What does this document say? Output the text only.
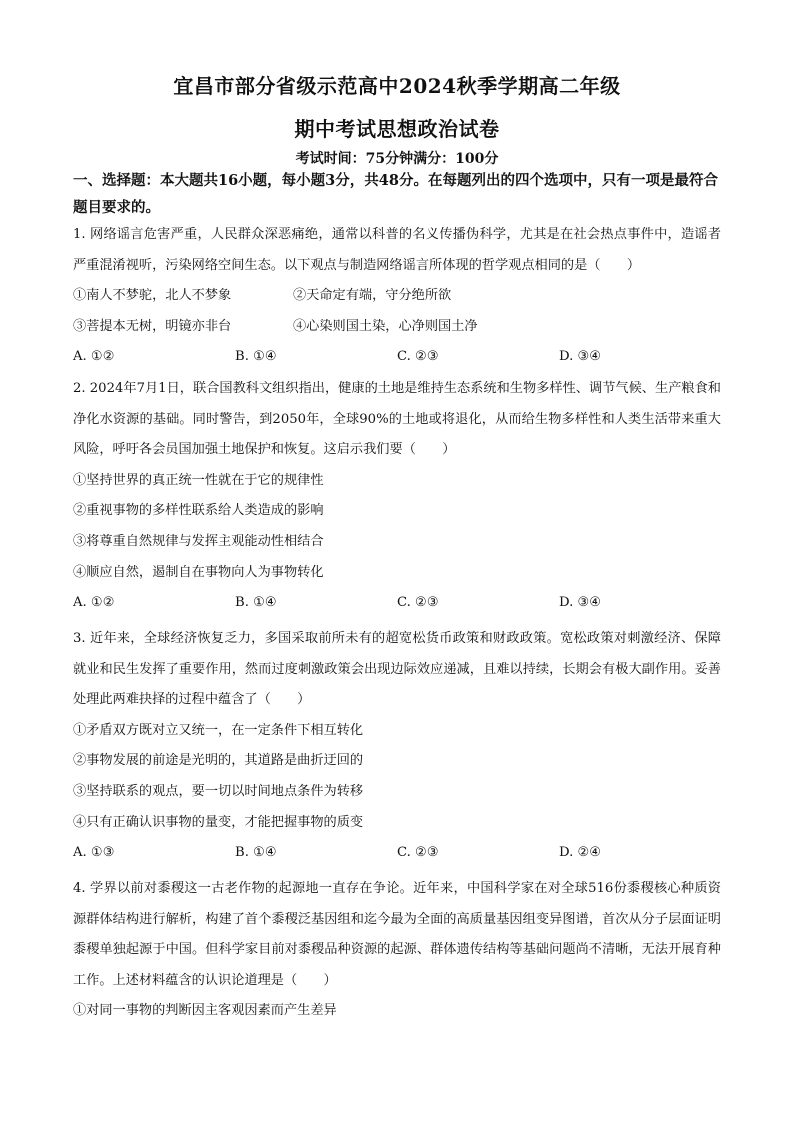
宜昌市部分省级示范高中2024秋季学期高二年级
期中考试思想政治试卷
考试时间：75分钟满分：100分
一、选择题：本大题共16小题，每小题3分，共48分。在每题列出的四个选项中，只有一项是最符合题目要求的。
1. 网络谣言危害严重，人民群众深恶痛绝，通常以科普的名义传播伪科学，尤其是在社会热点事件中，造谣者严重混淆视听，污染网络空间生态。以下观点与制造网络谣言所体现的哲学观点相同的是（　　）
①南人不梦驼，北人不梦象	②天命定有端，守分绝所欲
③菩提本无树，明镜亦非台	④心染则国土染，心净则国土净
A. ①②	B. ①④	C. ②③	D. ③④
2. 2024年7月1日，联合国教科文组织指出，健康的土地是维持生态系统和生物多样性、调节气候、生产粮食和净化水资源的基础。同时警告，到2050年，全球90%的土地或将退化，从而给生物多样性和人类生活带来重大风险，呼吁各会员国加强土地保护和恢复。这启示我们要（　　）
①坚持世界的真正统一性就在于它的规律性
②重视事物的多样性联系给人类造成的影响
③将尊重自然规律与发挥主观能动性相结合
④顺应自然，遏制自在事物向人为事物转化
A. ①②	B. ①④	C. ②③	D. ③④
3. 近年来，全球经济恢复乏力，多国采取前所未有的超宽松货币政策和财政政策。宽松政策对刺激经济、保障就业和民生发挥了重要作用，然而过度刺激政策会出现边际效应递减，且难以持续，长期会有极大副作用。妥善处理此两难抉择的过程中蕴含了（　　）
①矛盾双方既对立又统一，在一定条件下相互转化
②事物发展的前途是光明的，其道路是曲折迂回的
③坚持联系的观点，要一切以时间地点条件为转移
④只有正确认识事物的量变，才能把握事物的质变
A. ①③	B. ①④	C. ②③	D. ②④
4. 学界以前对黍稷这一古老作物的起源地一直存在争论。近年来，中国科学家在对全球516份黍稷核心种质资源群体结构进行解析，构建了首个黍稷泛基因组和迄今最为全面的高质量基因组变异图谱，首次从分子层面证明黍稷单独起源于中国。但科学家目前对黍稷品种资源的起源、群体遗传结构等基础问题尚不清晰，无法开展育种工作。上述材料蕴含的认识论道理是（　　）
①对同一事物的判断因主客观因素而产生差异
